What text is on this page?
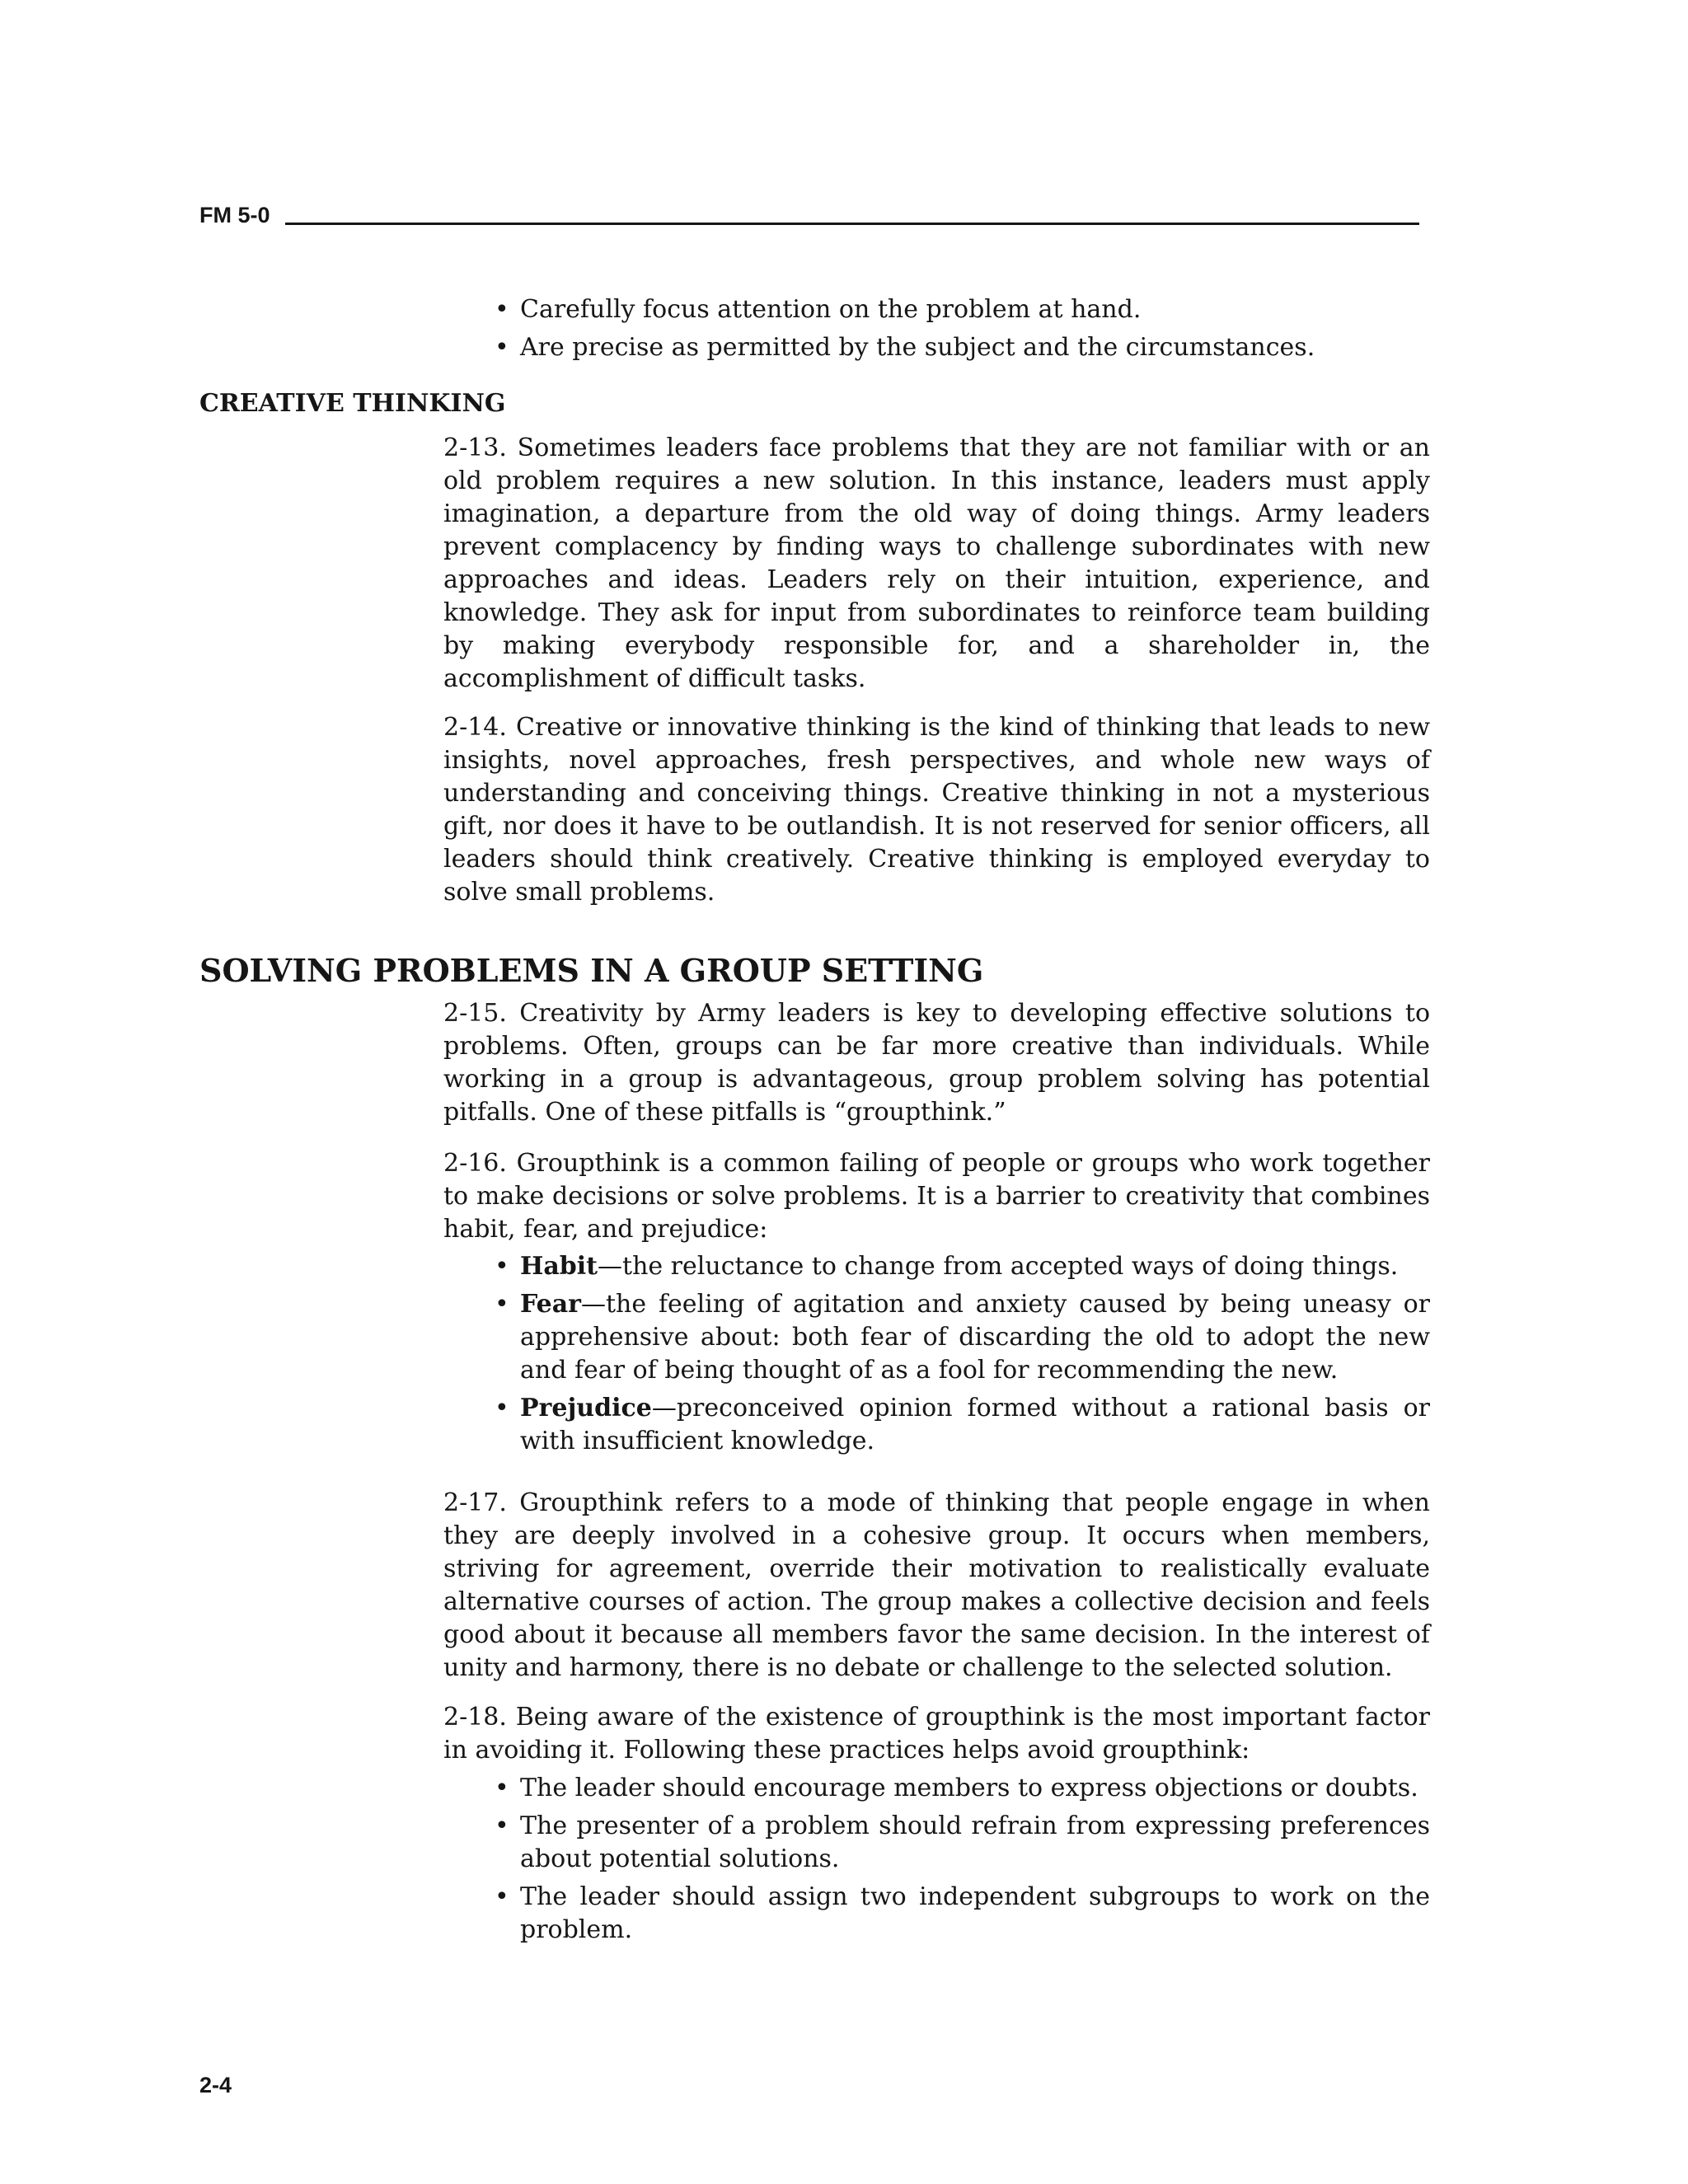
FM 5-0
• Carefully focus attention on the problem at hand.
• Are precise as permitted by the subject and the circumstances.
CREATIVE THINKING

2-13. Sometimes leaders face problems that they are not familiar with or an old problem requires a new solution. In this instance, leaders must apply imagination, a departure from the old way of doing things. Army leaders prevent complacency by finding ways to challenge subordinates with new approaches and ideas. Leaders rely on their intuition, experience, and knowledge. They ask for input from subordinates to reinforce team building by making everybody responsible for, and a shareholder in, the accomplishment of difficult tasks.

2-14. Creative or innovative thinking is the kind of thinking that leads to new insights, novel approaches, fresh perspectives, and whole new ways of understanding and conceiving things. Creative thinking in not a mysterious gift, nor does it have to be outlandish. It is not reserved for senior officers, all leaders should think creatively. Creative thinking is employed everyday to solve small problems.

SOLVING PROBLEMS IN A GROUP SETTING

2-15. Creativity by Army leaders is key to developing effective solutions to problems. Often, groups can be far more creative than individuals. While working in a group is advantageous, group problem solving has potential pitfalls. One of these pitfalls is “groupthink.”

2-16. Groupthink is a common failing of people or groups who work together to make decisions or solve problems. It is a barrier to creativity that combines habit, fear, and prejudice:

• Habit—the reluctance to change from accepted ways of doing things.
• Fear—the feeling of agitation and anxiety caused by being uneasy or apprehensive about: both fear of discarding the old to adopt the new and fear of being thought of as a fool for recommending the new.
• Prejudice—preconceived opinion formed without a rational basis or with insufficient knowledge.

2-17. Groupthink refers to a mode of thinking that people engage in when they are deeply involved in a cohesive group. It occurs when members, striving for agreement, override their motivation to realistically evaluate alternative courses of action. The group makes a collective decision and feels good about it because all members favor the same decision. In the interest of unity and harmony, there is no debate or challenge to the selected solution.

2-18. Being aware of the existence of groupthink is the most important factor in avoiding it. Following these practices helps avoid groupthink:

• The leader should encourage members to express objections or doubts.
• The presenter of a problem should refrain from expressing preferences about potential solutions.
• The leader should assign two independent subgroups to work on the problem.
2-4
